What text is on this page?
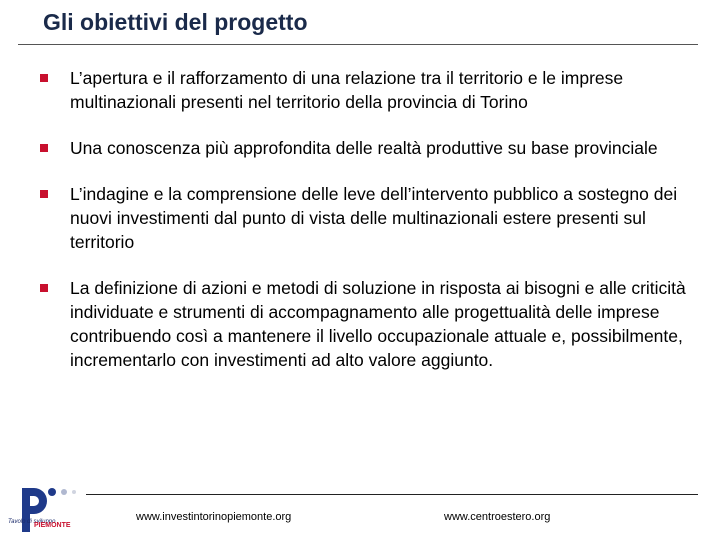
Gli obiettivi del progetto
L’apertura e il rafforzamento di una relazione tra il territorio e le imprese multinazionali presenti nel territorio della provincia di Torino
Una conoscenza più approfondita delle realtà produttive su base provinciale
L’indagine e la comprensione delle leve dell’intervento pubblico a sostegno dei nuovi investimenti dal punto di vista delle multinazionali estere presenti sul territorio
La definizione di azioni e metodi di soluzione in risposta ai bisogni e alle criticità individuate e strumenti di accompagnamento alle progettualità delle imprese contribuendo così a mantenere il livello occupazionale attuale e, possibilmente, incrementarlo con investimenti ad alto valore aggiunto.
Tavolo di sviluppo
PIEMONTE
www.investintorinopiemonte.org	www.centroestero.org
